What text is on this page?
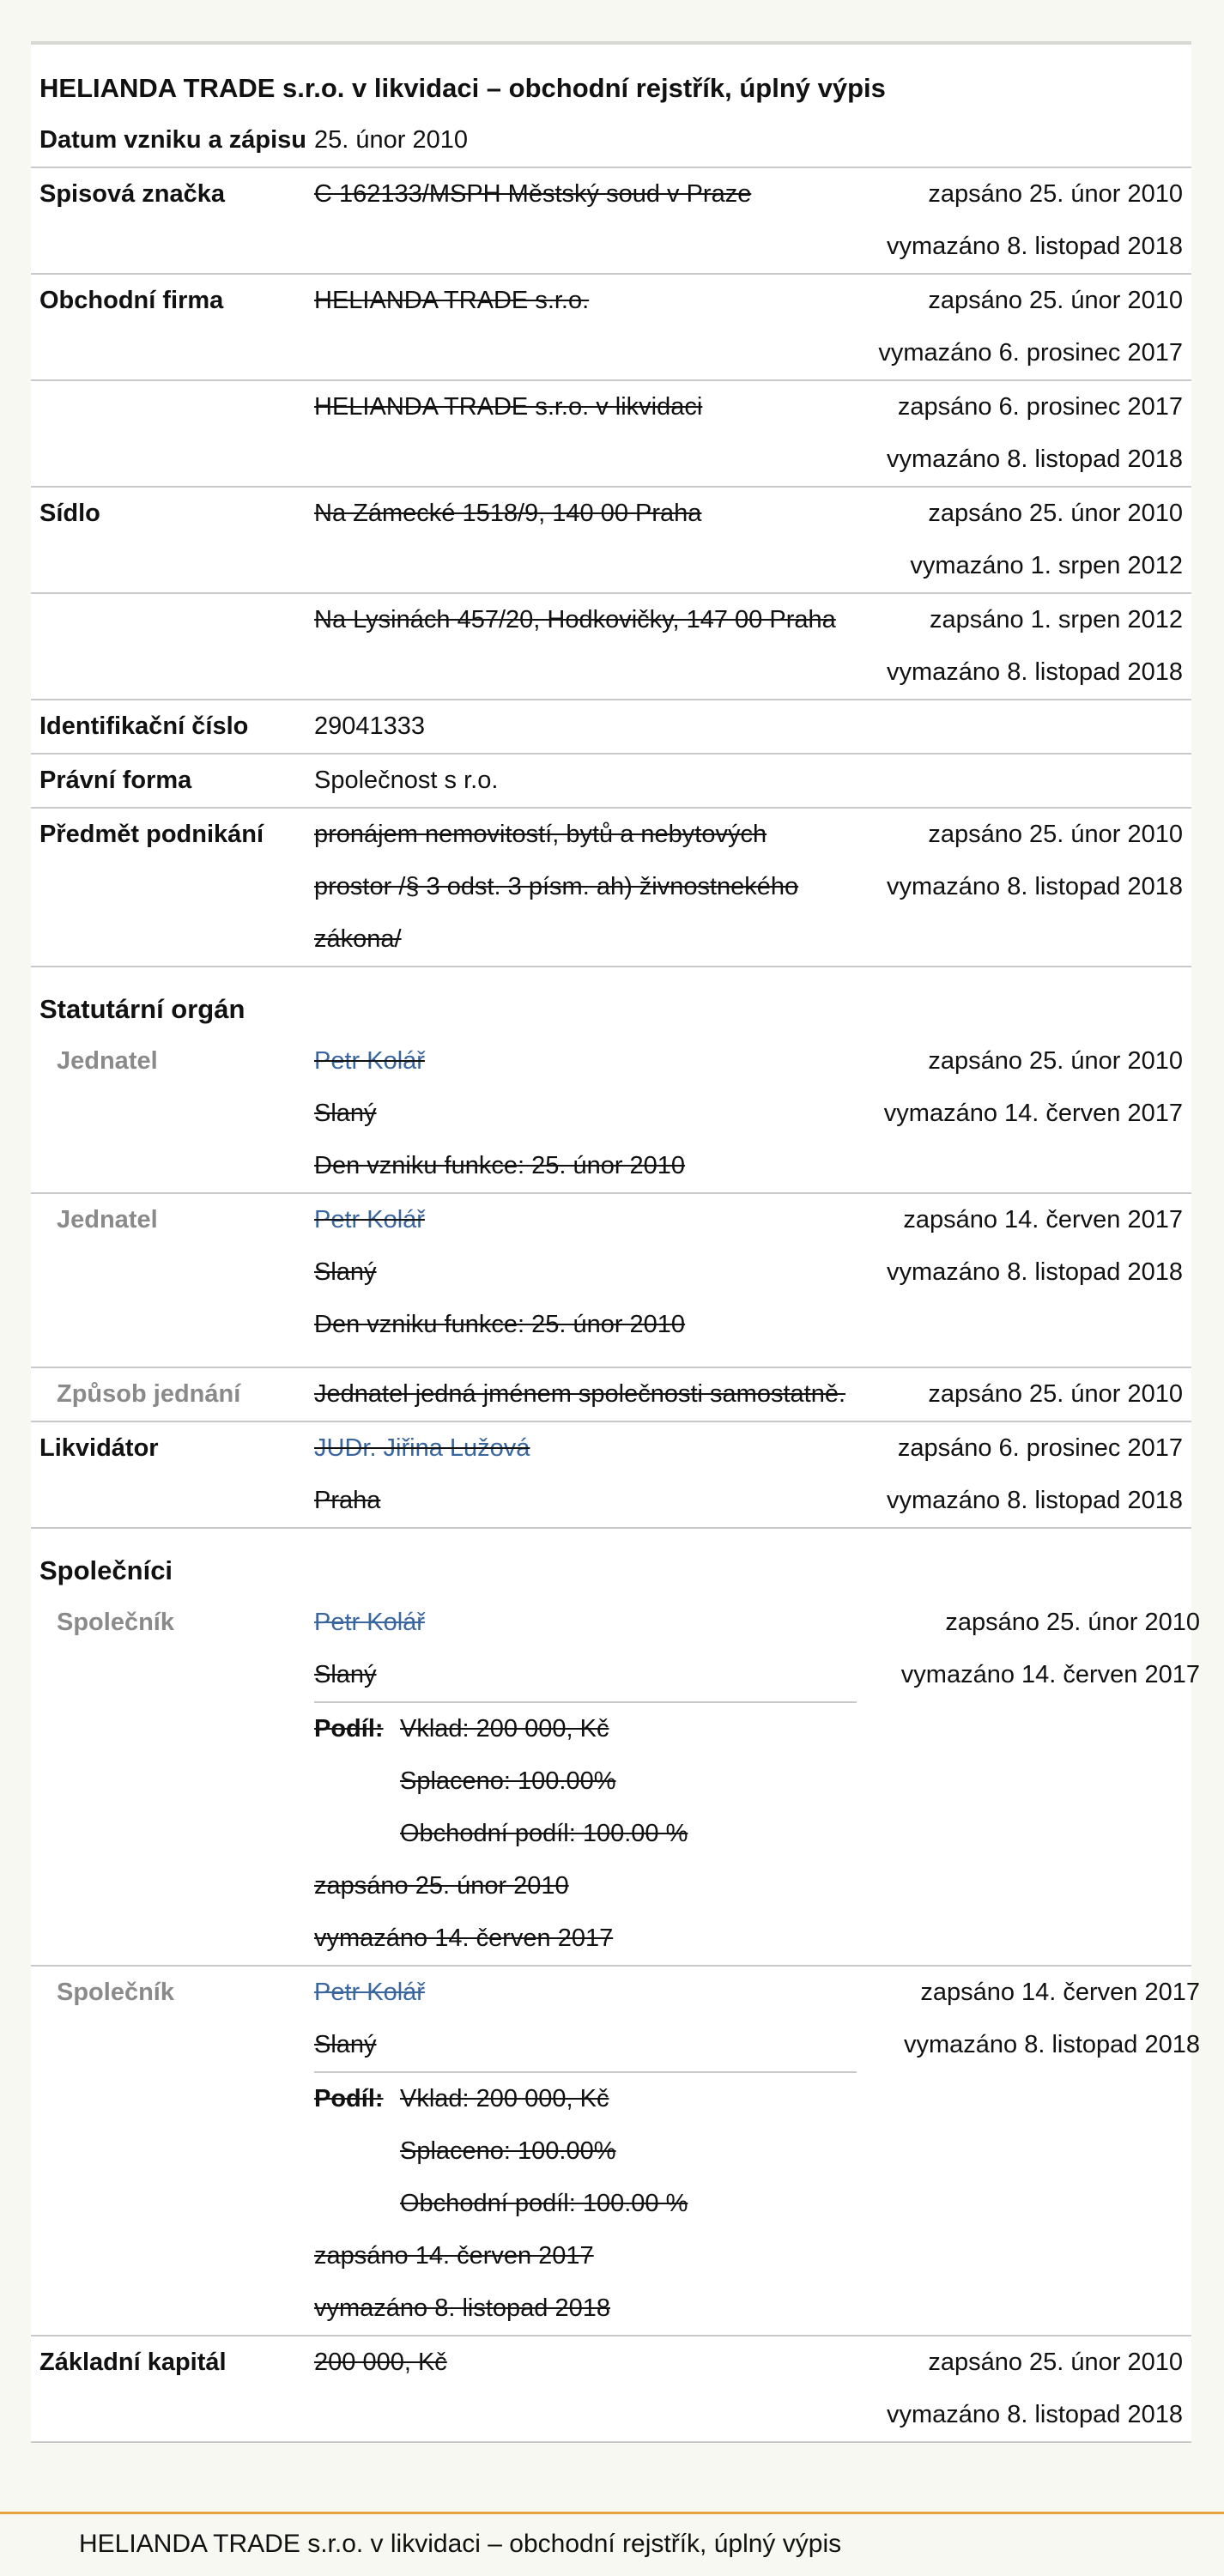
HELIANDA TRADE s.r.o. v likvidaci – obchodní rejstřík, úplný výpis
Datum vzniku a zápisu 25. únor 2010
Spisová značka	C 162133/MSPH Městský soud v Praze	zapsáno 25. únor 2010
vymazáno 8. listopad 2018
Obchodní firma	HELIANDA TRADE s.r.o.	zapsáno 25. únor 2010
vymazáno 6. prosinec 2017
HELIANDA TRADE s.r.o. v likvidaci	zapsáno 6. prosinec 2017
vymazáno 8. listopad 2018
Sídlo	Na Zámecké 1518/9, 140 00 Praha	zapsáno 25. únor 2010
vymazáno 1. srpen 2012
Na Lysinách 457/20, Hodkovičky, 147 00 Praha	zapsáno 1. srpen 2012
vymazáno 8. listopad 2018
Identifikační číslo	29041333
Právní forma	Společnost s r.o.
Předmět podnikání	pronájem nemovitostí, bytů a nebytových
prostor /§ 3 odst. 3 písm. ah) živnostnekého
zákona/
zapsáno 25. únor 2010
vymazáno 8. listopad 2018
Statutární orgán
Jednatel	Petr Kolář
Slaný
Den vzniku funkce: 25. únor 2010
zapsáno 25. únor 2010
vymazáno 14. červen 2017
Jednatel	Petr Kolář
Slaný
Den vzniku funkce: 25. únor 2010
zapsáno 14. červen 2017
vymazáno 8. listopad 2018
Způsob jednání	Jednatel jedná jménem společnosti samostatně.	zapsáno 25. únor 2010
Likvidátor	JUDr. Jiřina Lužová
Praha
zapsáno 6. prosinec 2017
vymazáno 8. listopad 2018
Společníci
Společník	Petr Kolář
Slaný
Podíl: Vklad: 200 000, Kč
Splaceno: 100.00%
Obchodní podíl: 100.00 %
zapsáno 25. únor 2010
vymazáno 14. červen 2017
zapsáno 25. únor 2010
vymazáno 14. červen 2017
Společník	Petr Kolář
Slaný
Podíl: Vklad: 200 000, Kč
Splaceno: 100.00%
Obchodní podíl: 100.00 %
zapsáno 14. červen 2017
vymazáno 8. listopad 2018
zapsáno 14. červen 2017
vymazáno 8. listopad 2018
Základní kapitál	200 000, Kč	zapsáno 25. únor 2010
vymazáno 8. listopad 2018
HELIANDA TRADE s.r.o. v likvidaci – obchodní rejstřík, úplný výpis
